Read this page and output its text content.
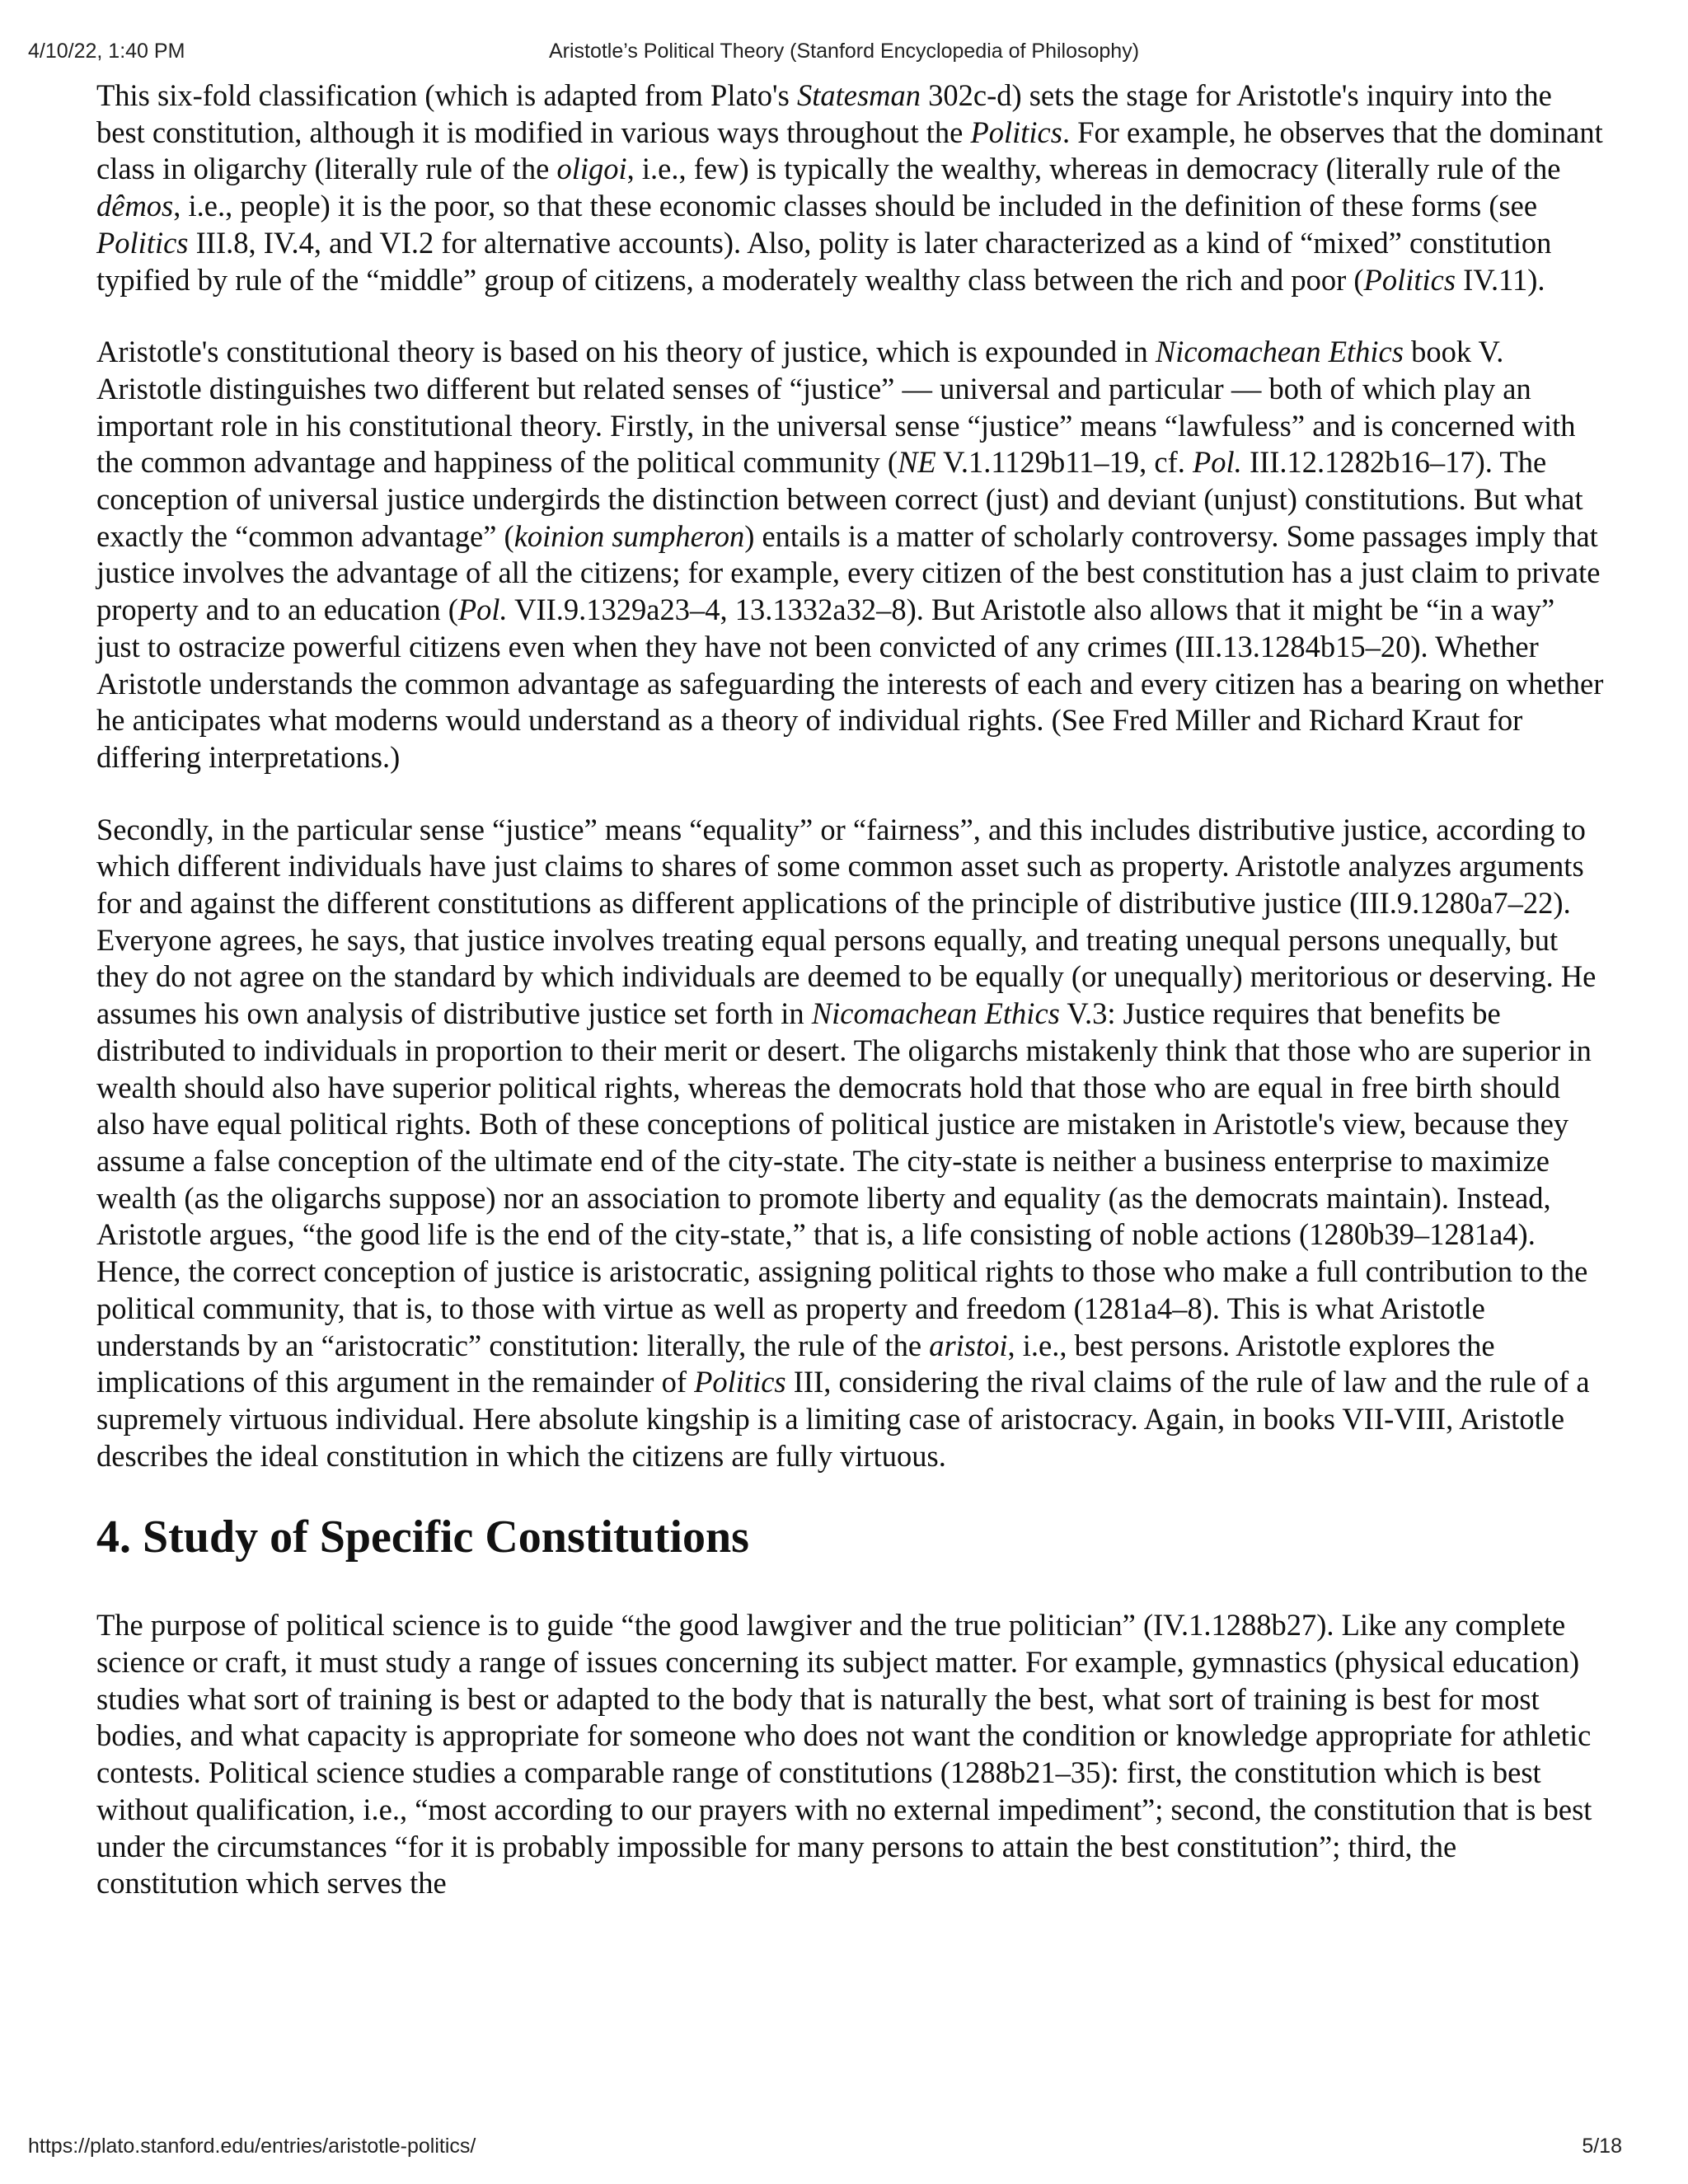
4/10/22, 1:40 PM	Aristotle’s Political Theory (Stanford Encyclopedia of Philosophy)

This six-fold classification (which is adapted from Plato's Statesman 302c-d) sets the stage for Aristotle's inquiry into the best constitution, although it is modified in various ways throughout the Politics. For example, he observes that the dominant class in oligarchy (literally rule of the oligoi, i.e., few) is typically the wealthy, whereas in democracy (literally rule of the dêmos, i.e., people) it is the poor, so that these economic classes should be included in the definition of these forms (see Politics III.8, IV.4, and VI.2 for alternative accounts). Also, polity is later characterized as a kind of “mixed” constitution typified by rule of the “middle” group of citizens, a moderately wealthy class between the rich and poor (Politics IV.11).

Aristotle's constitutional theory is based on his theory of justice, which is expounded in Nicomachean Ethics book V. Aristotle distinguishes two different but related senses of “justice” — universal and particular — both of which play an important role in his constitutional theory. Firstly, in the universal sense “justice” means “lawfuless” and is concerned with the common advantage and happiness of the political community (NE V.1.1129b11–19, cf. Pol. III.12.1282b16–17). The conception of universal justice undergirds the distinction between correct (just) and deviant (unjust) constitutions. But what exactly the “common advantage” (koinion sumpheron) entails is a matter of scholarly controversy. Some passages imply that justice involves the advantage of all the citizens; for example, every citizen of the best constitution has a just claim to private property and to an education (Pol. VII.9.1329a23–4, 13.1332a32–8). But Aristotle also allows that it might be “in a way” just to ostracize powerful citizens even when they have not been convicted of any crimes (III.13.1284b15–20). Whether Aristotle understands the common advantage as safeguarding the interests of each and every citizen has a bearing on whether he anticipates what moderns would understand as a theory of individual rights. (See Fred Miller and Richard Kraut for differing interpretations.)

Secondly, in the particular sense “justice” means “equality” or “fairness”, and this includes distributive justice, according to which different individuals have just claims to shares of some common asset such as property. Aristotle analyzes arguments for and against the different constitutions as different applications of the principle of distributive justice (III.9.1280a7–22). Everyone agrees, he says, that justice involves treating equal persons equally, and treating unequal persons unequally, but they do not agree on the standard by which individuals are deemed to be equally (or unequally) meritorious or deserving. He assumes his own analysis of distributive justice set forth in Nicomachean Ethics V.3: Justice requires that benefits be distributed to individuals in proportion to their merit or desert. The oligarchs mistakenly think that those who are superior in wealth should also have superior political rights, whereas the democrats hold that those who are equal in free birth should also have equal political rights. Both of these conceptions of political justice are mistaken in Aristotle's view, because they assume a false conception of the ultimate end of the city-state. The city-state is neither a business enterprise to maximize wealth (as the oligarchs suppose) nor an association to promote liberty and equality (as the democrats maintain). Instead, Aristotle argues, “the good life is the end of the city-state,” that is, a life consisting of noble actions (1280b39–1281a4). Hence, the correct conception of justice is aristocratic, assigning political rights to those who make a full contribution to the political community, that is, to those with virtue as well as property and freedom (1281a4–8). This is what Aristotle understands by an “aristocratic” constitution: literally, the rule of the aristoi, i.e., best persons. Aristotle explores the implications of this argument in the remainder of Politics III, considering the rival claims of the rule of law and the rule of a supremely virtuous individual. Here absolute kingship is a limiting case of aristocracy. Again, in books VII-VIII, Aristotle describes the ideal constitution in which the citizens are fully virtuous.

4. Study of Specific Constitutions

The purpose of political science is to guide “the good lawgiver and the true politician” (IV.1.1288b27). Like any complete science or craft, it must study a range of issues concerning its subject matter. For example, gymnastics (physical education) studies what sort of training is best or adapted to the body that is naturally the best, what sort of training is best for most bodies, and what capacity is appropriate for someone who does not want the condition or knowledge appropriate for athletic contests. Political science studies a comparable range of constitutions (1288b21–35): first, the constitution which is best without qualification, i.e., “most according to our prayers with no external impediment”; second, the constitution that is best under the circumstances “for it is probably impossible for many persons to attain the best constitution”; third, the constitution which serves the

https://plato.stanford.edu/entries/aristotle-politics/	5/18
